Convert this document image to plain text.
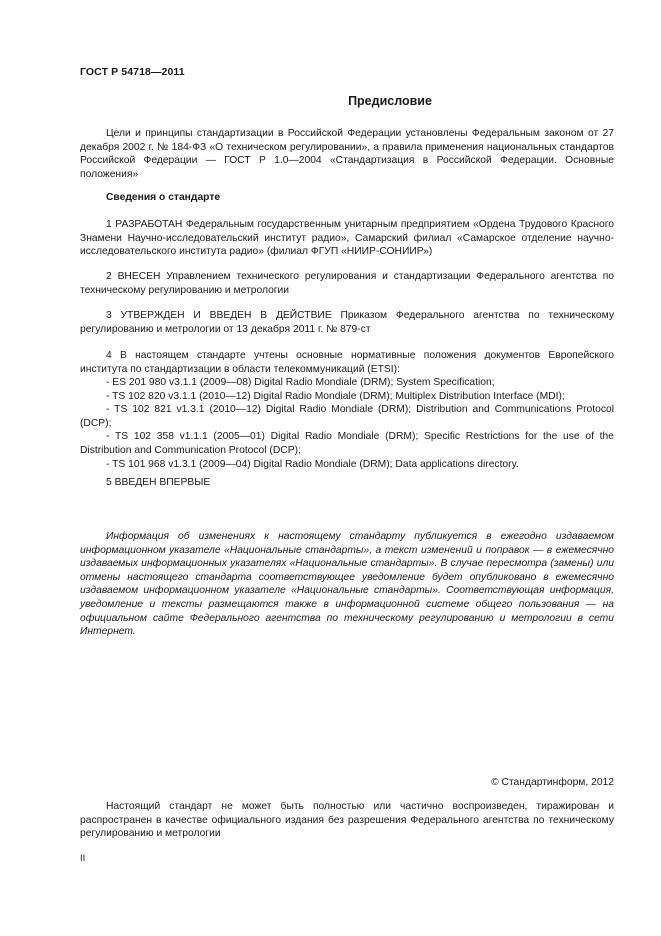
ГОСТ Р 54718—2011
Предисловие

Цели и принципы стандартизации в Российской Федерации установлены Федеральным законом от 27 декабря 2002 г. № 184-ФЗ «О техническом регулировании», а правила применения национальных стандартов Российской Федерации — ГОСТ Р 1.0—2004 «Стандартизация в Российской Федерации. Основные положения»

Сведения о стандарте

1 РАЗРАБОТАН Федеральным государственным унитарным предприятием «Ордена Трудового Красного Знамени Научно-исследовательский институт радио», Самарский филиал «Самарское отделение научно-исследовательского института радио» (филиал ФГУП «НИИР-СОНИИР»)

2 ВНЕСЕН Управлением технического регулирования и стандартизации Федерального агентства по техническому регулированию и метрологии

3 УТВЕРЖДЕН И ВВЕДЕН В ДЕЙСТВИЕ Приказом Федерального агентства по техническому регулированию и метрологии от 13 декабря 2011 г. № 879-ст

4 В настоящем стандарте учтены основные нормативные положения документов Европейского института по стандартизации в области телекоммуникаций (ETSI):

- ES 201 980 v3.1.1 (2009—08) Digital Radio Mondiale (DRM); System Specification;
- TS 102 820 v3.1.1 (2010—12) Digital Radio Mondiale (DRM); Multiplex Distribution Interface (MDI);
- TS 102 821 v1.3.1 (2010—12) Digital Radio Mondiale (DRM); Distribution and Communications Protocol (DCP);
- TS 102 358 v1.1.1 (2005—01) Digital Radio Mondiale (DRM); Specific Restrictions for the use of the Distribution and Communication Protocol (DCP);
- TS 101 968 v1.3.1 (2009—04) Digital Radio Mondiale (DRM); Data applications directory.

5 ВВЕДЕН ВПЕРВЫЕ

Информация об изменениях к настоящему стандарту публикуется в ежегодно издаваемом информационном указателе «Национальные стандарты», а текст изменений и поправок — в ежемесячно издаваемых информационных указателях «Национальные стандарты». В случае пересмотра (замены) или отмены настоящего стандарта соответствующее уведомление будет опубликовано в ежемесячно издаваемом информационном указателе «Национальные стандарты». Соответствующая информация, уведомление и тексты размещаются также в информационной системе общего пользования — на официальном сайте Федерального агентства по техническому регулированию и метрологии в сети Интернет.

© Стандартинформ, 2012

Настоящий стандарт не может быть полностью или частично воспроизведен, тиражирован и распространен в качестве официального издания без разрешения Федерального агентства по техническому регулированию и метрологии

II
